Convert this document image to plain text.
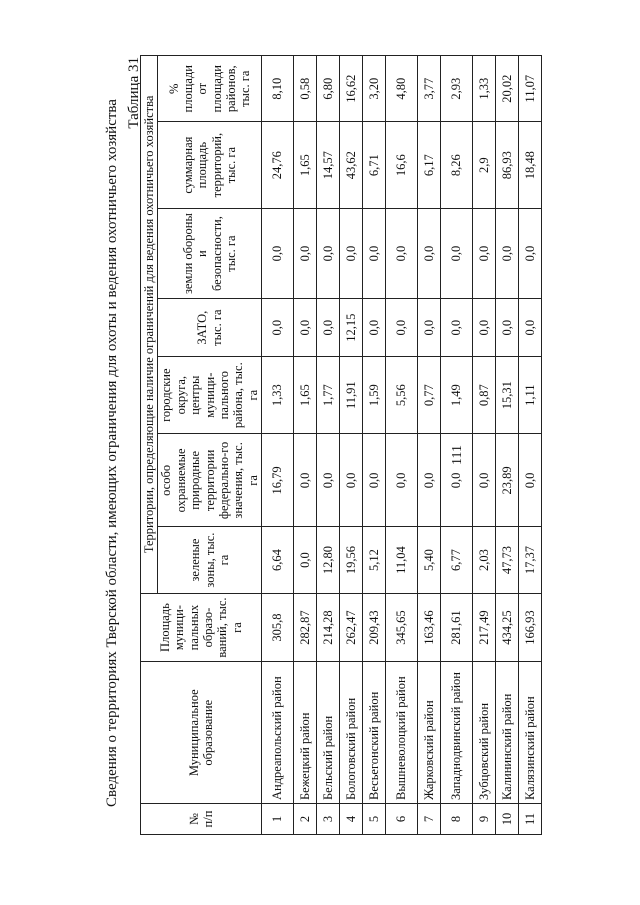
111
Сведения о территориях Тверской области, имеющих ограничения для охоты и ведения охотничьего хозяйства
Таблица 31
№ п/п	Муниципальное образование	Площадь муници-пальных образо-ваний, тыс. га	Территории, определяющие наличие ограничений для ведения охотничьего хозяйства						
			зеленые зоны, тыс. га	особо охраняемые природные территории федерально-го значения, тыс. га	городские округа, центры муници-пального района, тыс. га	ЗАТО, тыс. га	земли обороны и безопасности, тыс. га	суммарная площадь территорий, тыс. га	% площади от площади районов, тыс. га
1	Андреапольский район	305,8	6,64	16,79	1,33	0,0	0,0	24,76	8,10
2	Бежецкий район	282,87	0,0	0,0	1,65	0,0	0,0	1,65	0,58
3	Бельский район	214,28	12,80	0,0	1,77	0,0	0,0	14,57	6,80
4	Бологовский район	262,47	19,56	0,0	11,91	12,15	0,0	43,62	16,62
5	Весьегонский район	209,43	5,12	0,0	1,59	0,0	0,0	6,71	3,20
6	Вышневолоцкий район	345,65	11,04	0,0	5,56	0,0	0,0	16,6	4,80
7	Жарковский район	163,46	5,40	0,0	0,77	0,0	0,0	6,17	3,77
8	Западнодвинский район	281,61	6,77	0,0	1,49	0,0	0,0	8,26	2,93
9	Зубцовский район	217,49	2,03	0,0	0,87	0,0	0,0	2,9	1,33
10	Калининский район	434,25	47,73	23,89	15,31	0,0	0,0	86,93	20,02
11	Калязинский район	166,93	17,37	0,0	1,11	0,0	0,0	18,48	11,07
